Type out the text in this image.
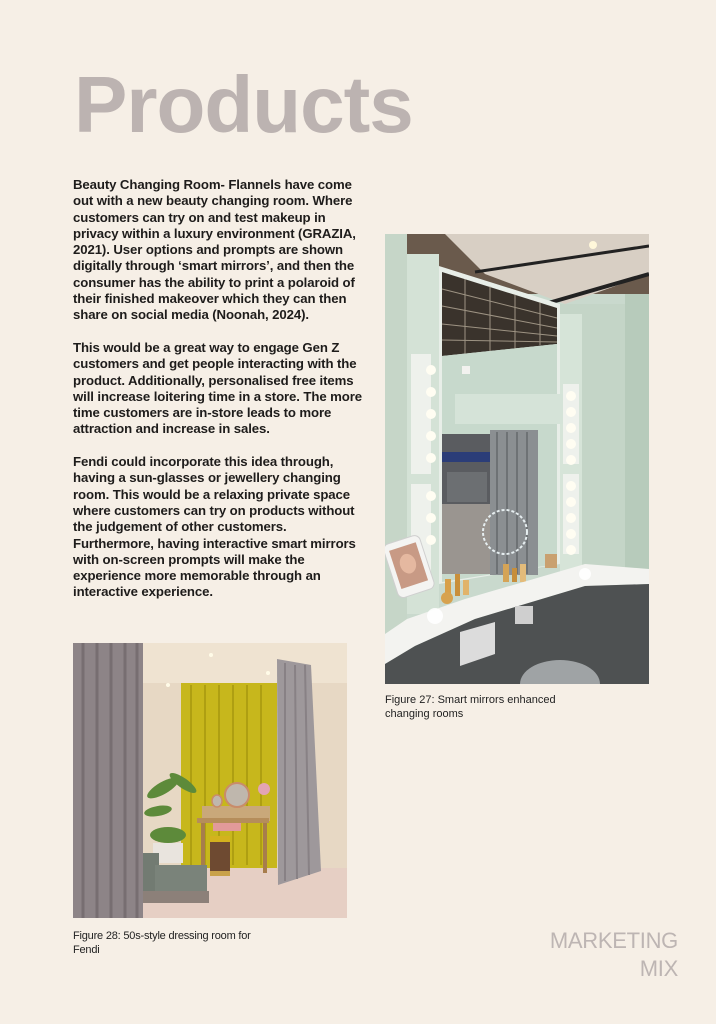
Products

Beauty Changing Room- Flannels have come out with a new beauty changing room. Where customers can try on and test makeup in privacy within a luxury environment (GRAZIA, 2021). User options and prompts are shown digitally through ‘smart mirrors’, and then the consumer has the ability to print a polaroid of their finished makeover which they can then share on social media (Noonah, 2024).

This would be a great way to engage Gen Z customers and get people interacting with the product. Additionally, personalised free items will increase loitering time in a store. The more time customers are in-store leads to more attraction and increase in sales.

Fendi could incorporate this idea through, having a sun-glasses or jewellery changing room. This would be a relaxing private space where customers can try on products without the judgement of other customers. Furthermore, having interactive smart mirrors with on-screen prompts will make the experience more memorable through an interactive experience.

Figure 27: Smart mirrors enhanced changing rooms
Figure 28: 50s-style dressing room for Fendi	MARKETING
MIX
